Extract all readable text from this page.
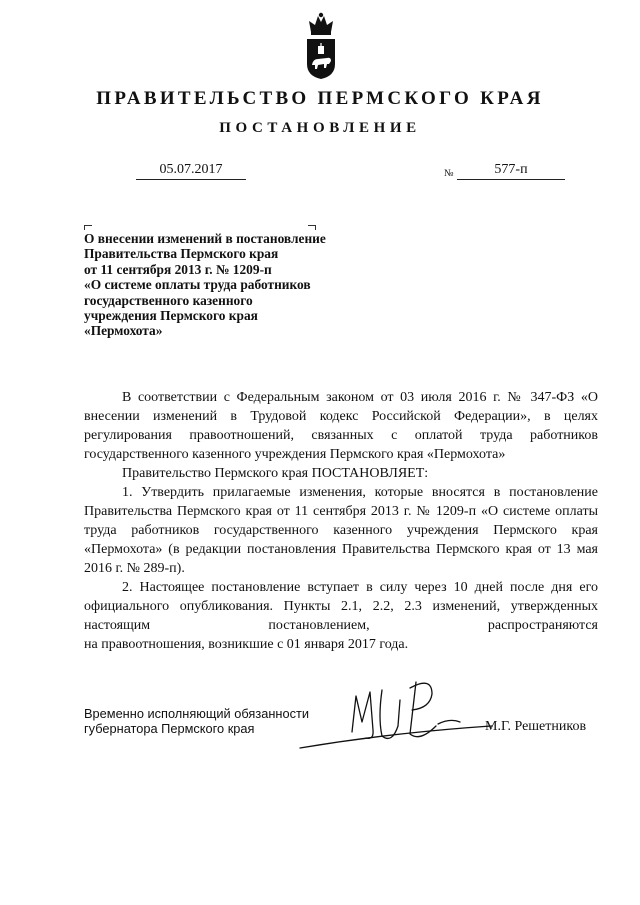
ПРАВИТЕЛЬСТВО ПЕРМСКОГО КРАЯ
ПОСТАНОВЛЕНИЕ
05.07.2017	№	577-п
О внесении изменений в постановление
Правительства Пермского края
от 11 сентября 2013 г. № 1209-п
«О системе оплаты труда работников
государственного казенного
учреждения Пермского края
«Пермохота»

В соответствии с Федеральным законом от 03 июля 2016 г. № 347-ФЗ «О внесении изменений в Трудовой кодекс Российской Федерации», в целях регулирования правоотношений, связанных с оплатой труда работников государственного казенного учреждения Пермского края «Пермохота»

Правительство Пермского края ПОСТАНОВЛЯЕТ:

1. Утвердить прилагаемые изменения, которые вносятся в постановление Правительства Пермского края от 11 сентября 2013 г. № 1209-п «О системе оплаты труда работников государственного казенного учреждения Пермского края «Пермохота» (в редакции постановления Правительства Пермского края от 13 мая 2016 г. № 289-п).

2. Настоящее постановление вступает в силу через 10 дней после дня его официального опубликования. Пункты 2.1, 2.2, 2.3 изменений, утвержденных настоящим постановлением, распространяются

на правоотношения, возникшие с 01 января 2017 года.

Временно исполняющий обязанности
губернатора Пермского края	М.Г. Решетников
